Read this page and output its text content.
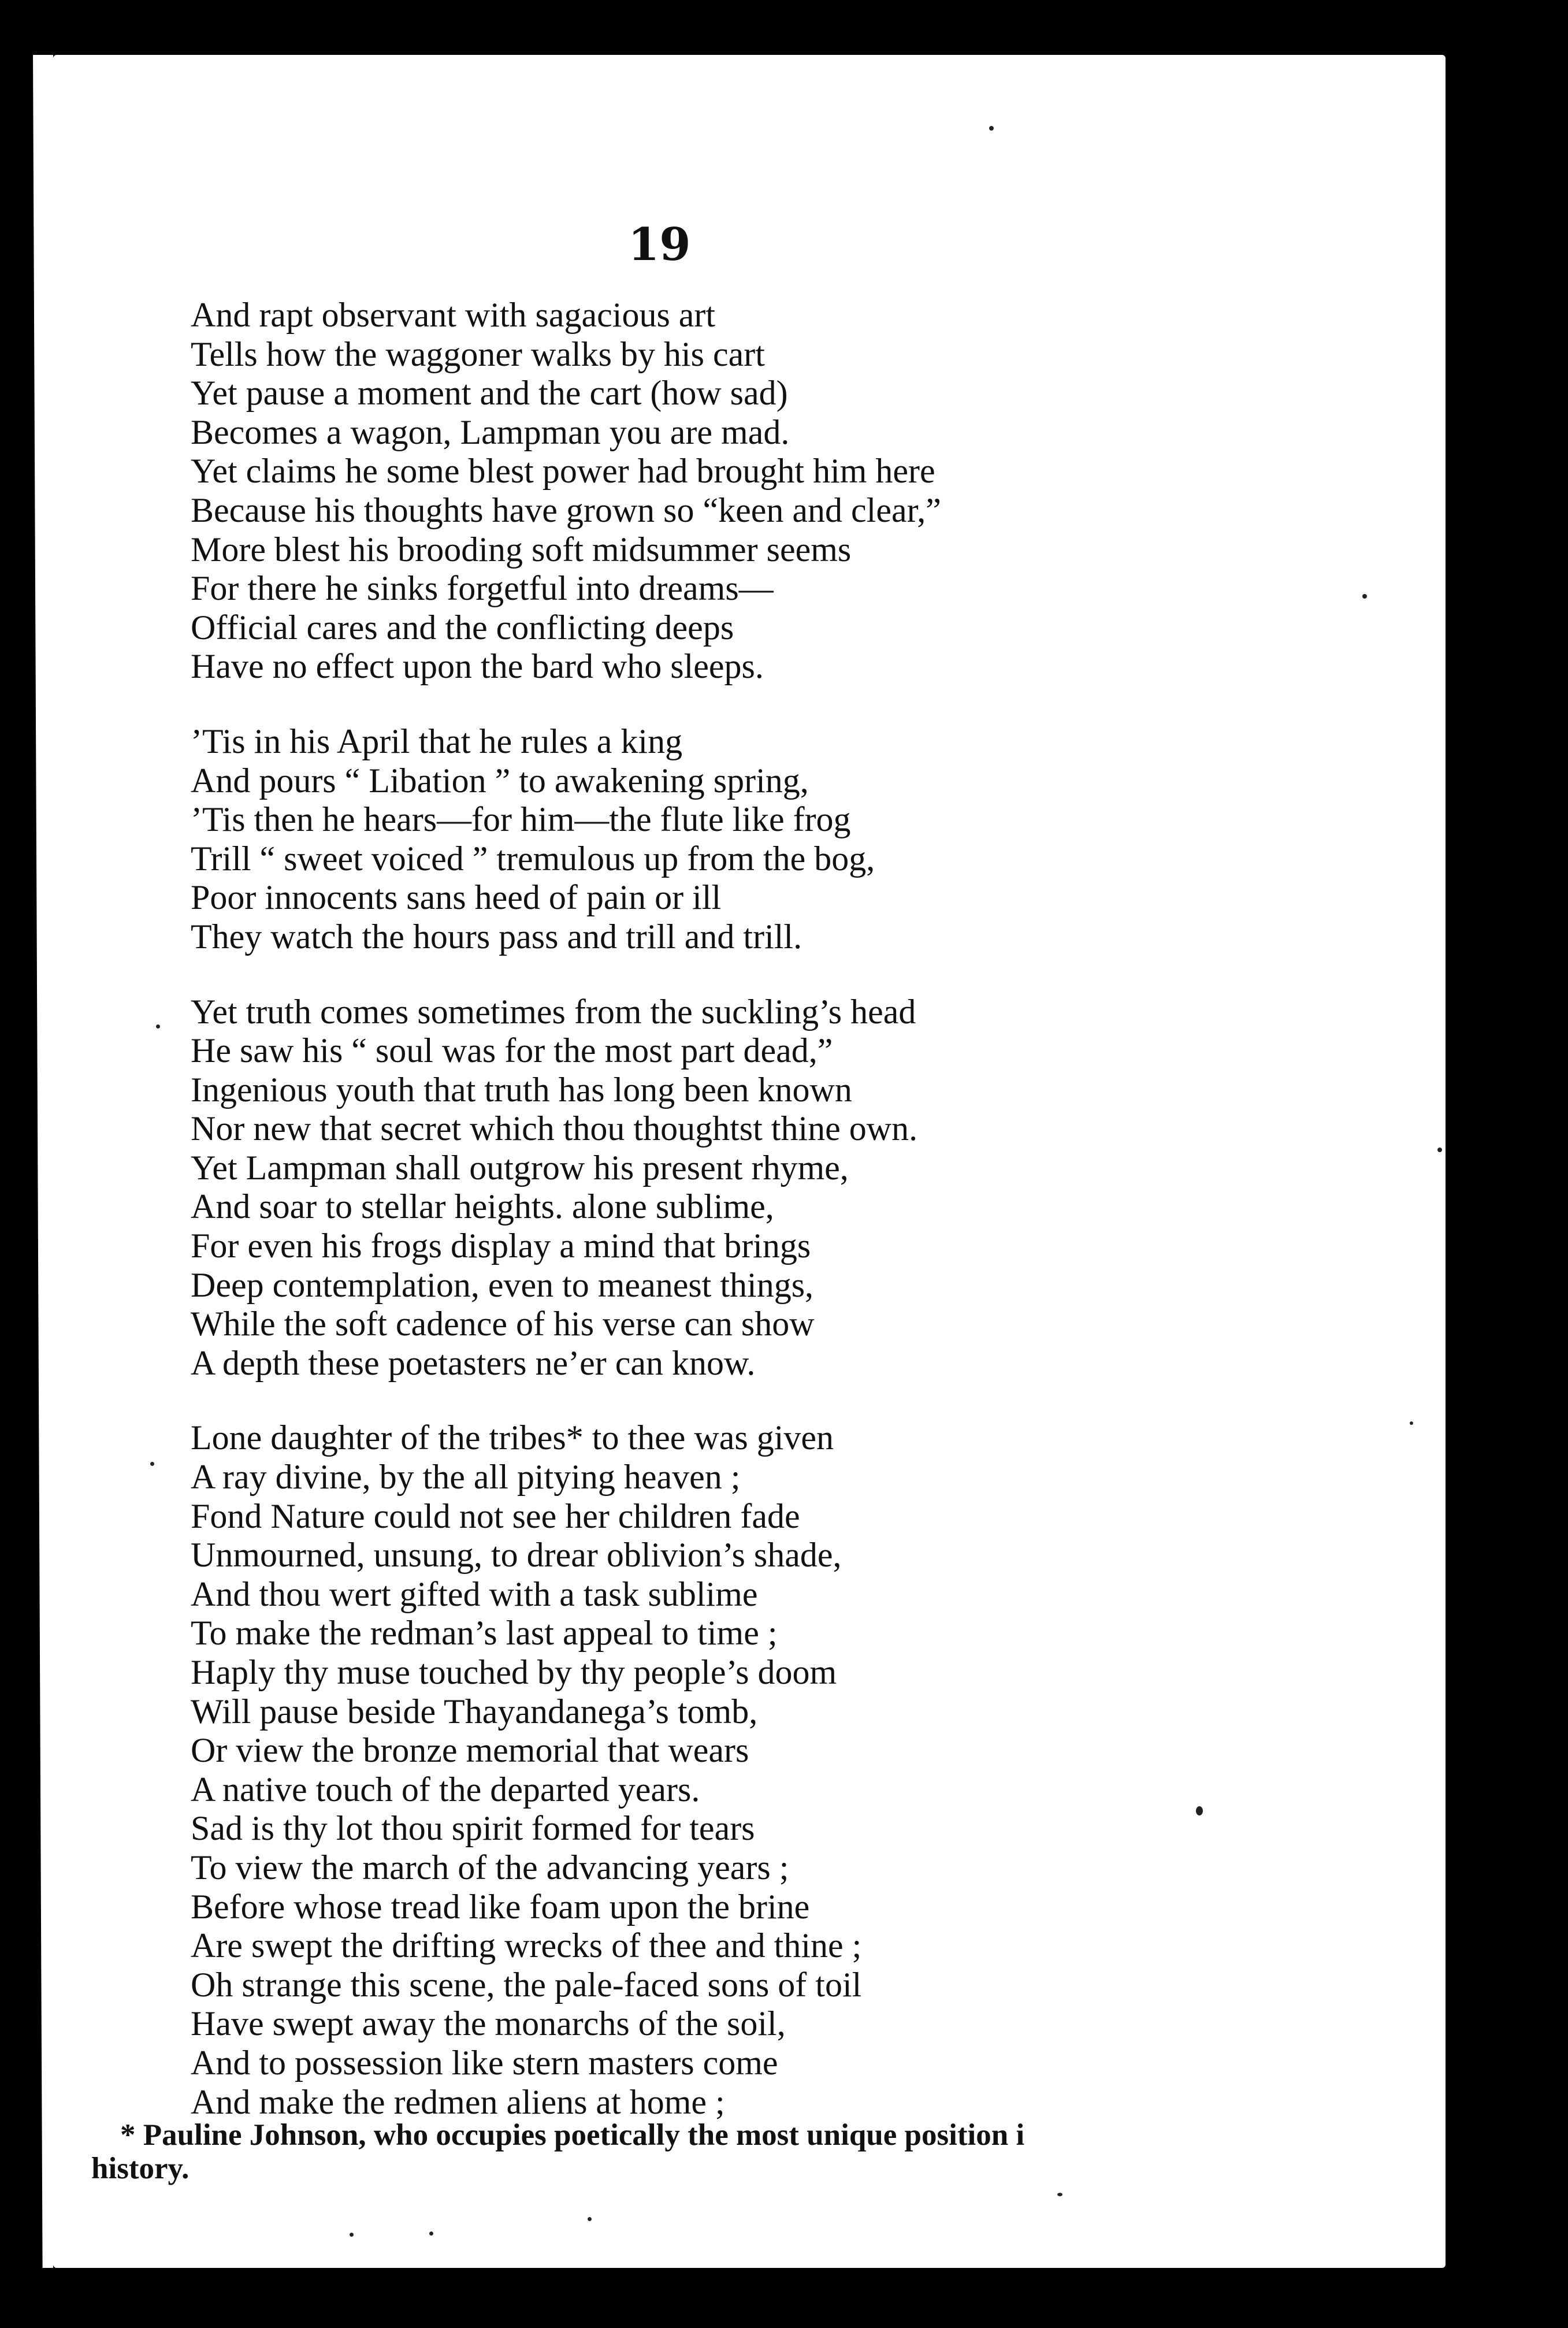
19
And rapt observant with sagacious art
Tells how the waggoner walks by his cart
Yet pause a moment and the cart (how sad)
Becomes a wagon, Lampman you are mad.
Yet claims he some blest power had brought him here
Because his thoughts have grown so “keen and clear,”
More blest his brooding soft midsummer seems
For there he sinks forgetful into dreams—
Official cares and the conflicting deeps
Have no effect upon the bard who sleeps.
’Tis in his April that he rules a king
And pours “ Libation ” to awakening spring,
’Tis then he hears—for him—the flute like frog
Trill “ sweet voiced ” tremulous up from the bog,
Poor innocents sans heed of pain or ill
They watch the hours pass and trill and trill.
Yet truth comes sometimes from the suckling’s head
He saw his “ soul was for the most part dead,”
Ingenious youth that truth has long been known
Nor new that secret which thou thoughtst thine own.
Yet Lampman shall outgrow his present rhyme,
And soar to stellar heights. alone sublime,
For even his frogs display a mind that brings
Deep contemplation, even to meanest things,
While the soft cadence of his verse can show
A depth these poetasters ne’er can know.
Lone daughter of the tribes* to thee was given
A ray divine, by the all pitying heaven ;
Fond Nature could not see her children fade
Unmourned, unsung, to drear oblivion’s shade,
And thou wert gifted with a task sublime
To make the redman’s last appeal to time ;
Haply thy muse touched by thy people’s doom
Will pause beside Thayandanega’s tomb,
Or view the bronze memorial that wears
A native touch of the departed years.
Sad is thy lot thou spirit formed for tears
To view the march of the advancing years ;
Before whose tread like foam upon the brine
Are swept the drifting wrecks of thee and thine ;
Oh strange this scene, the pale-faced sons of toil
Have swept away the monarchs of the soil,
And to possession like stern masters come
And make the redmen aliens at home ;
* Pauline Johnson, who occupies poetically the most unique position i
history.
